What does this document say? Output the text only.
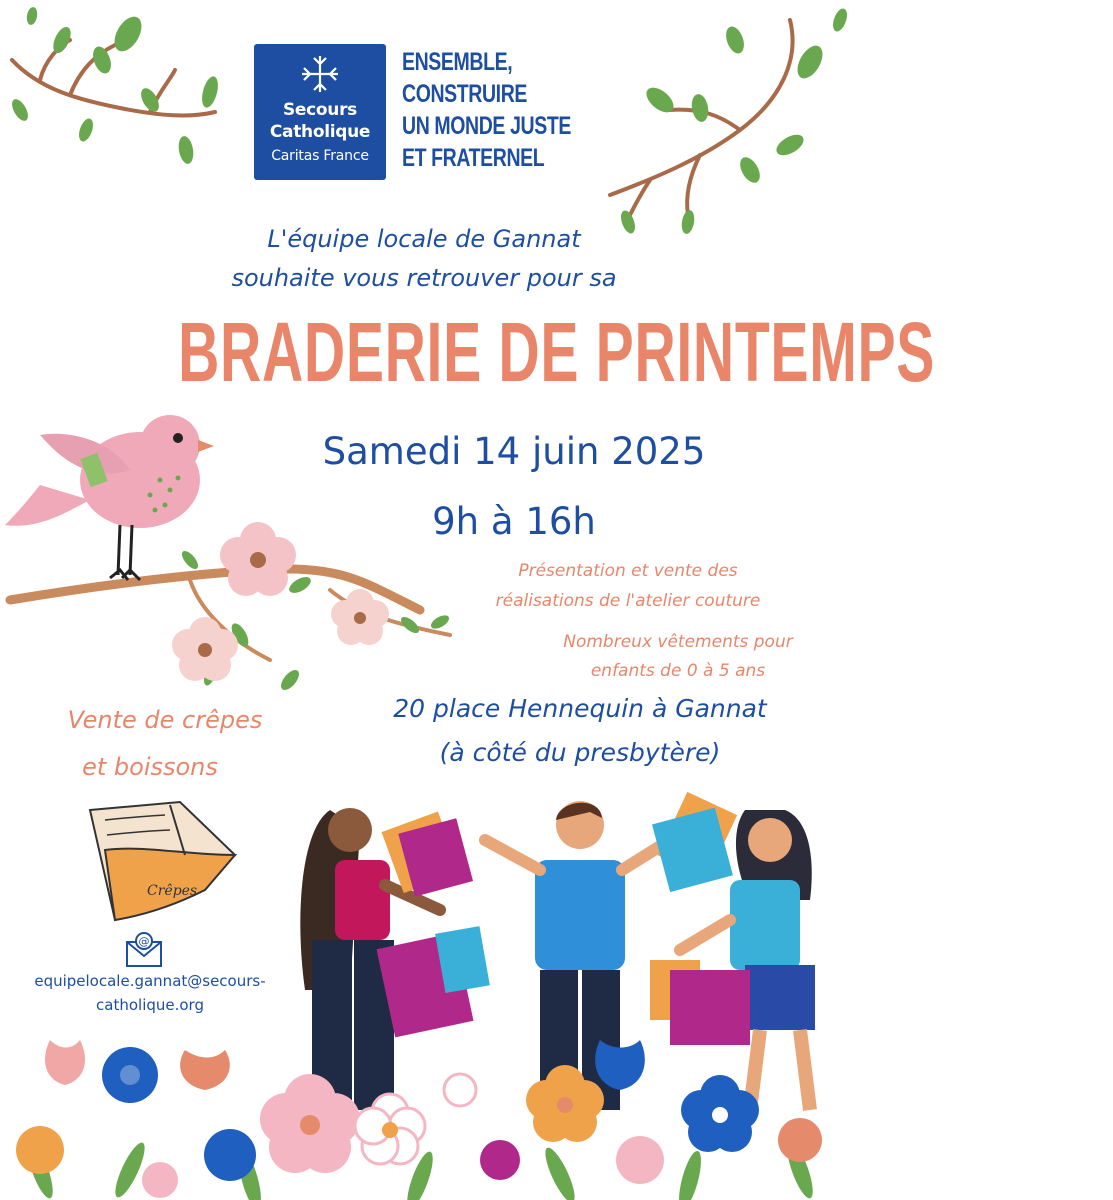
Secours
Catholique
Caritas France
ENSEMBLE,
CONSTRUIRE
UN MONDE JUSTE
ET FRATERNEL
L'équipe locale de Gannat
souhaite vous retrouver pour sa
BRADERIE DE PRINTEMPS
Samedi 14 juin 2025
9h à 16h
Présentation et vente des
réalisations de l'atelier couture
Nombreux vêtements pour
enfants de 0 à 5 ans
20 place Hennequin à Gannat
(à côté du presbytère)
Vente de crêpes
et boissons
Crêpes
@
equipelocale.gannat@secours-
catholique.org
